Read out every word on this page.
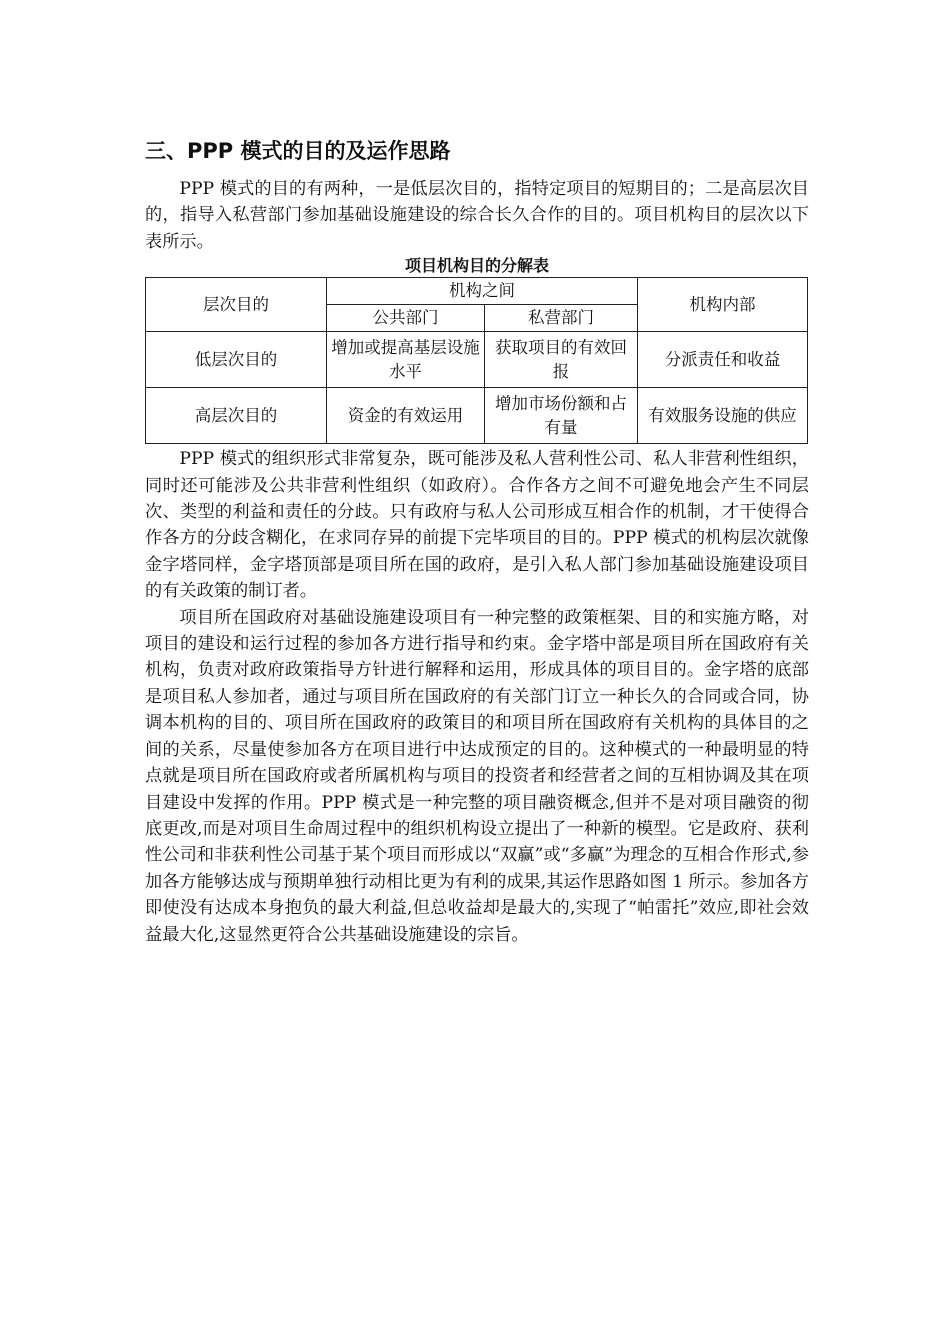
三、PPP 模式的目的及运作思路

PPP 模式的目的有两种，一是低层次目的，指特定项目的短期目的；二是高层次目的，指导入私营部门参加基础设施建设的综合长久合作的目的。项目机构目的层次以下表所示。

项目机构目的分解表
层次目的	机构之间		机构内部
	公共部门	私营部门	
低层次目的	增加或提高基层设施水平	获取项目的有效回报	分派责任和收益
高层次目的	资金的有效运用	增加市场份额和占有量	有效服务设施的供应

PPP 模式的组织形式非常复杂，既可能涉及私人营利性公司、私人非营利性组织，同时还可能涉及公共非营利性组织（如政府）。合作各方之间不可避免地会产生不同层次、类型的利益和责任的分歧。只有政府与私人公司形成互相合作的机制，才干使得合作各方的分歧含糊化，在求同存异的前提下完毕项目的目的。PPP 模式的机构层次就像金字塔同样，金字塔顶部是项目所在国的政府，是引入私人部门参加基础设施建设项目的有关政策的制订者。

项目所在国政府对基础设施建设项目有一种完整的政策框架、目的和实施方略，对项目的建设和运行过程的参加各方进行指导和约束。金字塔中部是项目所在国政府有关机构，负责对政府政策指导方针进行解释和运用，形成具体的项目目的。金字塔的底部是项目私人参加者，通过与项目所在国政府的有关部门订立一种长久的合同或合同，协调本机构的目的、项目所在国政府的政策目的和项目所在国政府有关机构的具体目的之间的关系，尽量使参加各方在项目进行中达成预定的目的。这种模式的一种最明显的特点就是项目所在国政府或者所属机构与项目的投资者和经营者之间的互相协调及其在项目建设中发挥的作用。PPP 模式是一种完整的项目融资概念,但并不是对项目融资的彻底更改,而是对项目生命周过程中的组织机构设立提出了一种新的模型。它是政府、获利性公司和非获利性公司基于某个项目而形成以“双赢”或“多赢”为理念的互相合作形式,参加各方能够达成与预期单独行动相比更为有利的成果,其运作思路如图 1 所示。参加各方即使没有达成本身抱负的最大利益,但总收益却是最大的,实现了“帕雷托”效应,即社会效益最大化,这显然更符合公共基础设施建设的宗旨。
